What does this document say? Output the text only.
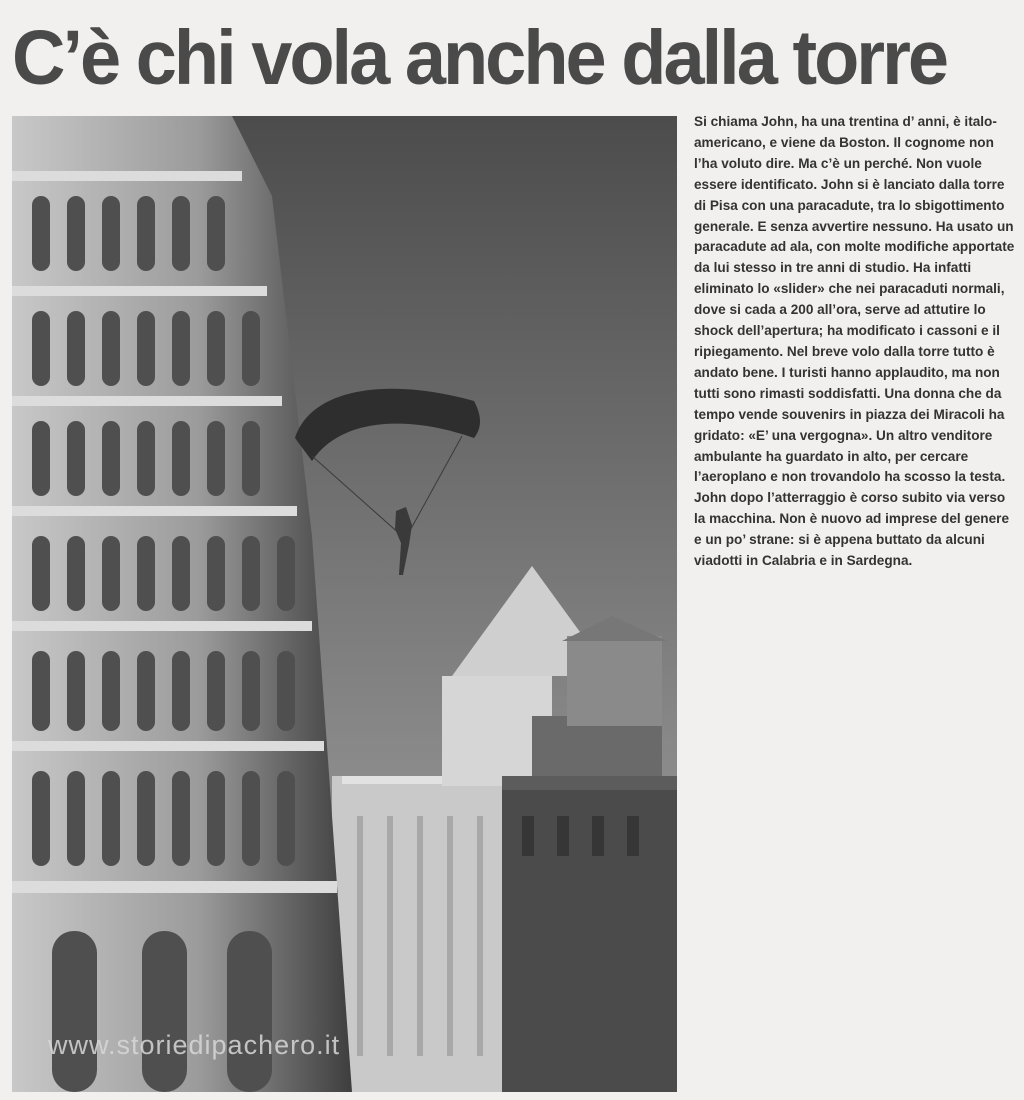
C’è chi vola anche dalla torre
www.storiedipachero.it

Si chiama John, ha una trentina d’ anni, è italo-americano, e viene da Boston. Il cognome non l’ha voluto dire. Ma c’è un perché. Non vuole essere identificato. John si è lanciato dalla torre di Pisa con una paracadute, tra lo sbigottimento generale. E senza avvertire nessuno. Ha usato un paracadute ad ala, con molte modifiche apportate da lui stesso in tre anni di studio. Ha infatti eliminato lo «slider» che nei paracaduti normali, dove si cada a 200 all’ora, serve ad attutire lo shock dell’apertura; ha modificato i cassoni e il ripiegamento. Nel breve volo dalla torre tutto è andato bene. I turisti hanno applaudito, ma non tutti sono rimasti soddisfatti. Una donna che da tempo vende souvenirs in piazza dei Miracoli ha gridato: «E’ una vergogna». Un altro venditore ambulante ha guardato in alto, per cercare l’aeroplano e non trovandolo ha scosso la testa. John dopo l’atterraggio è corso subito via verso la macchina. Non è nuovo ad imprese del genere e un po’ strane: si è appena buttato da alcuni viadotti in Calabria e in Sardegna.
